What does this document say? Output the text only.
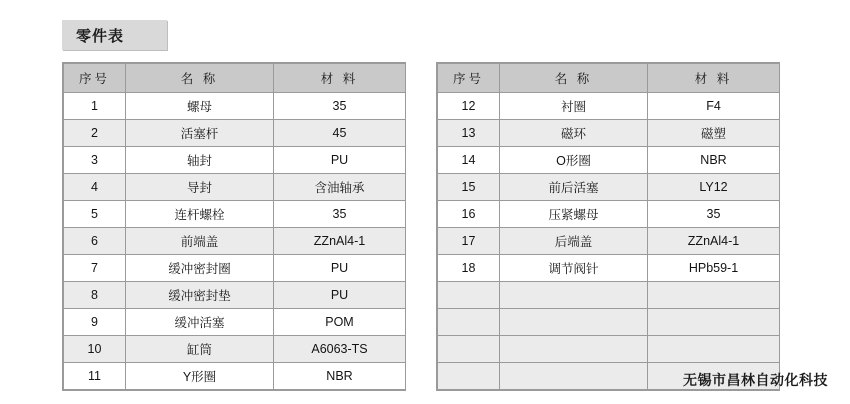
零件表
序号	名 称	材 料
1	螺母	35
2	活塞杆	45
3	轴封	PU
4	导封	含油轴承
5	连杆螺栓	35
6	前端盖	ZZnAl4-1
7	缓冲密封圈	PU
8	缓冲密封垫	PU
9	缓冲活塞	POM
10	缸筒	A6063-TS
11	Y形圈	NBR
序号	名 称	材 料
12	衬圈	F4
13	磁环	磁塑
14	O形圈	NBR
15	前后活塞	LY12
16	压紧螺母	35
17	后端盖	ZZnAl4-1
18	调节阀针	HPb59-1

无锡市昌林自动化科技
